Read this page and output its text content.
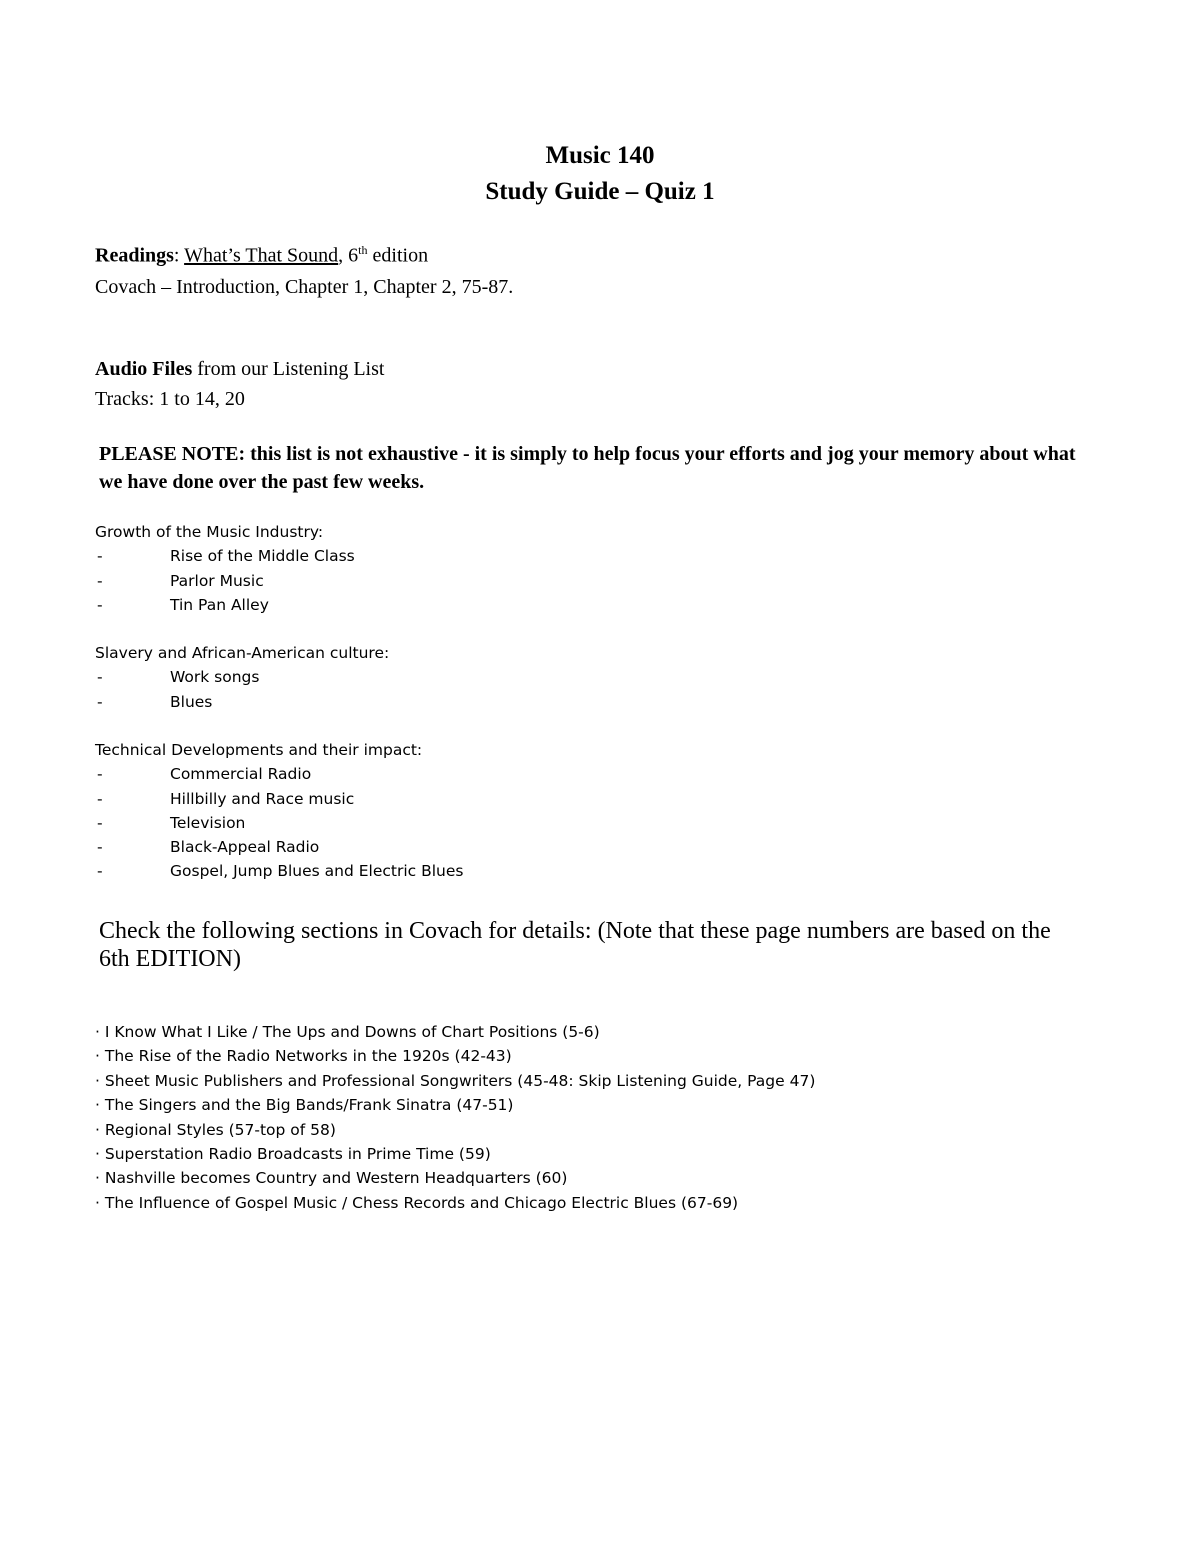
Music 140
Study Guide – Quiz 1
Readings: What’s That Sound, 6th edition
Covach – Introduction, Chapter 1, Chapter 2, 75-87.
Audio Files from our Listening List
Tracks: 1 to 14, 20
PLEASE NOTE: this list is not exhaustive - it is simply to help focus your efforts and jog your memory about what we have done over the past few weeks.
Growth of the Music Industry:
-	Rise of the Middle Class
-	Parlor Music
-	Tin Pan Alley
Slavery and African-American culture:
-	Work songs
-	Blues
Technical Developments and their impact:
-	Commercial Radio
-	Hillbilly and Race music
-	Television
-	Black-Appeal Radio
-	Gospel, Jump Blues and Electric Blues
Check the following sections in Covach for details: (Note that these page numbers are based on the 6th EDITION)
· I Know What I Like / The Ups and Downs of Chart Positions (5-6)
· The Rise of the Radio Networks in the 1920s (42-43)
· Sheet Music Publishers and Professional Songwriters (45-48: Skip Listening Guide, Page 47)
· The Singers and the Big Bands/Frank Sinatra (47-51)
· Regional Styles (57-top of 58)
· Superstation Radio Broadcasts in Prime Time (59)
· Nashville becomes Country and Western Headquarters (60)
· The Influence of Gospel Music / Chess Records and Chicago Electric Blues (67-69)
